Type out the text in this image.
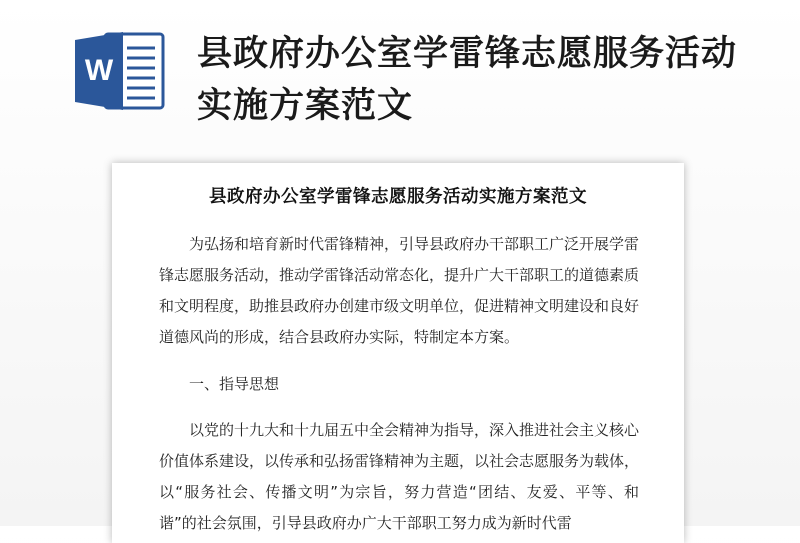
W 县政府办公室学雷锋志愿服务活动实施方案范文
县政府办公室学雷锋志愿服务活动实施方案范文

为弘扬和培育新时代雷锋精神，引导县政府办干部职工广泛开展学雷锋志愿服务活动，推动学雷锋活动常态化，提升广大干部职工的道德素质和文明程度，助推县政府办创建市级文明单位，促进精神文明建设和良好道德风尚的形成，结合县政府办实际，特制定本方案。

一、指导思想

以党的十九大和十九届五中全会精神为指导，深入推进社会主义核心价值体系建设，以传承和弘扬雷锋精神为主题，以社会志愿服务为载体，以“服务社会、传播文明”为宗旨，努力营造“团结、友爱、平等、和谐”的社会氛围，引导县政府办广大干部职工努力成为新时代雷
